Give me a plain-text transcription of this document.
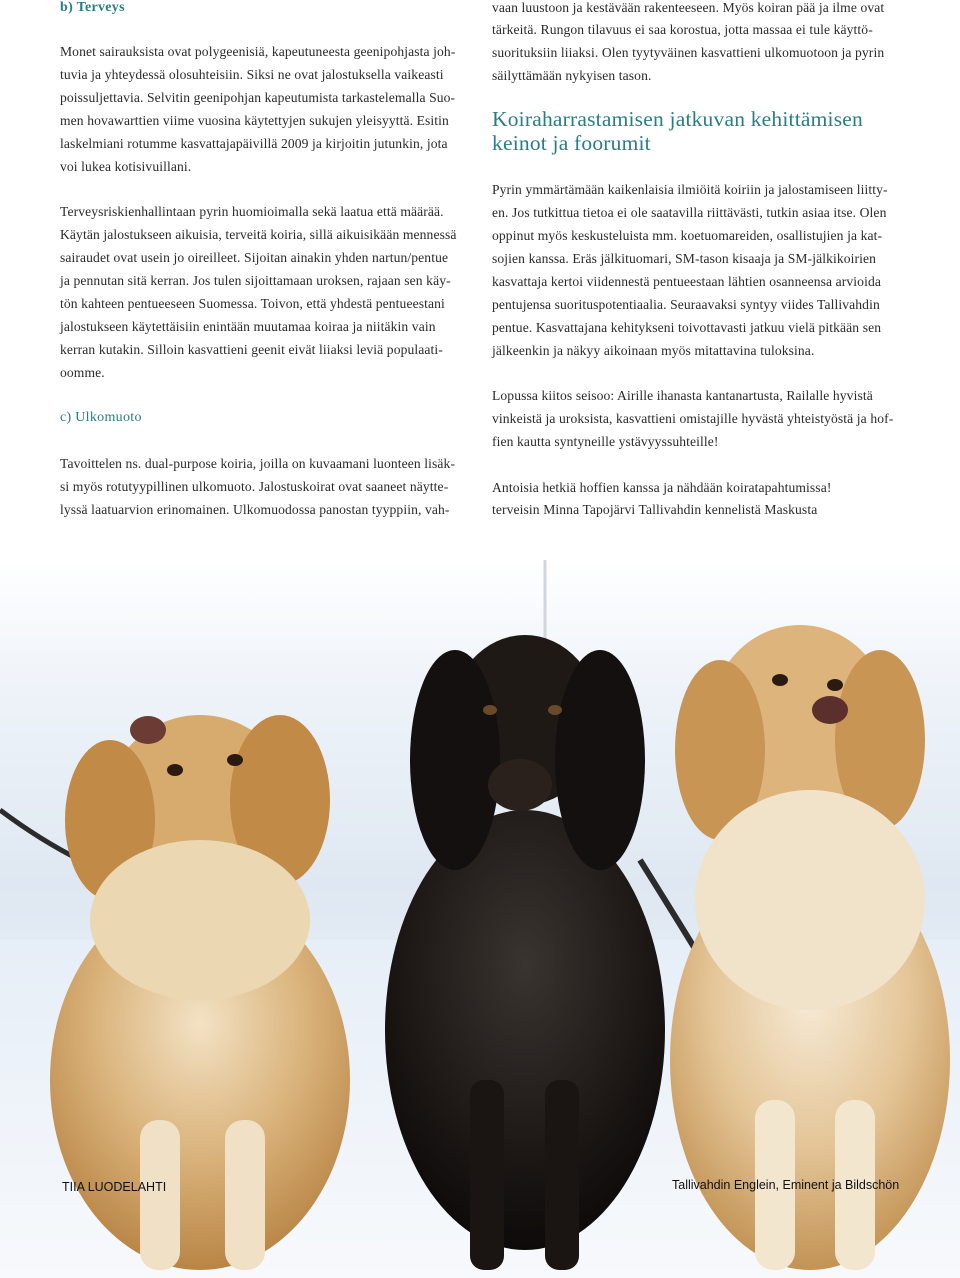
b) Terveys
Monet sairauksista ovat polygeenisiä, kapeutuneesta geenipohjasta joh-
tuvia ja yhteydessä olosuhteisiin. Siksi ne ovat jalostuksella vaikeasti
poissuljettavia. Selvitin geenipohjan kapeutumista tarkastelemalla Suo-
men hovawarttien viime vuosina käytettyjen sukujen yleisyyttä. Esitin
laskelmiani rotumme kasvattajapäivillä 2009 ja kirjoitin jutunkin, jota
voi lukea kotisivuillani.
Terveysriskienhallintaan pyrin huomioimalla sekä laatua että määrää.
Käytän jalostukseen aikuisia, terveitä koiria, sillä aikuisikään mennessä
sairaudet ovat usein jo oireilleet. Sijoitan ainakin yhden nartun/pentue
ja pennutan sitä kerran. Jos tulen sijoittamaan uroksen, rajaan sen käy-
tön kahteen pentueeseen Suomessa. Toivon, että yhdestä pentueestani
jalostukseen käytettäisiin enintään muutamaa koiraa ja niitäkin vain
kerran kutakin. Silloin kasvattieni geenit eivät liiaksi leviä populaati-
oomme.
c) Ulkomuoto
Tavoittelen ns. dual-purpose koiria, joilla on kuvaamani luonteen lisäk-
si myös rotutyypillinen ulkomuoto. Jalostuskoirat ovat saaneet näytte-
lyssä laatuarvion erinomainen. Ulkomuodossa panostan tyyppiin, vah-
vaan luustoon ja kestävään rakenteeseen. Myös koiran pää ja ilme ovat
tärkeitä. Rungon tilavuus ei saa korostua, jotta massaa ei tule käyttö-
suorituksiin liiaksi. Olen tyytyväinen kasvattieni ulkomuotoon ja pyrin
säilyttämään nykyisen tason.
Koiraharrastamisen jatkuvan kehittämisen
keinot ja foorumit
Pyrin ymmärtämään kaikenlaisia ilmiöitä koiriin ja jalostamiseen liitty-
en. Jos tutkittua tietoa ei ole saatavilla riittävästi, tutkin asiaa itse. Olen
oppinut myös keskusteluista mm. koetuomareiden, osallistujien ja kat-
sojien kanssa. Eräs jälkituomari, SM-tason kisaaja ja SM-jälkikoirien
kasvattaja kertoi viidennestä pentueestaan lähtien osanneensa arvioida
pentujensa suorituspotentiaalia. Seuraavaksi syntyy viides Tallivahdin
pentue. Kasvattajana kehitykseni toivottavasti jatkuu vielä pitkään sen
jälkeenkin ja näkyy aikoinaan myös mitattavina tuloksina.
Lopussa kiitos seisoo: Airille ihanasta kantanartusta, Railalle hyvistä
vinkeistä ja uroksista, kasvattieni omistajille hyvästä yhteistyöstä ja hof-
fien kautta syntyneille ystävyyssuhteille!
Antoisia hetkiä hoffien kanssa ja nähdään koiratapahtumissa!
terveisin Minna Tapojärvi Tallivahdin kennelistä Maskusta
TIIA LUODELAHTI	Tallivahdin Englein, Eminent ja Bildschön
